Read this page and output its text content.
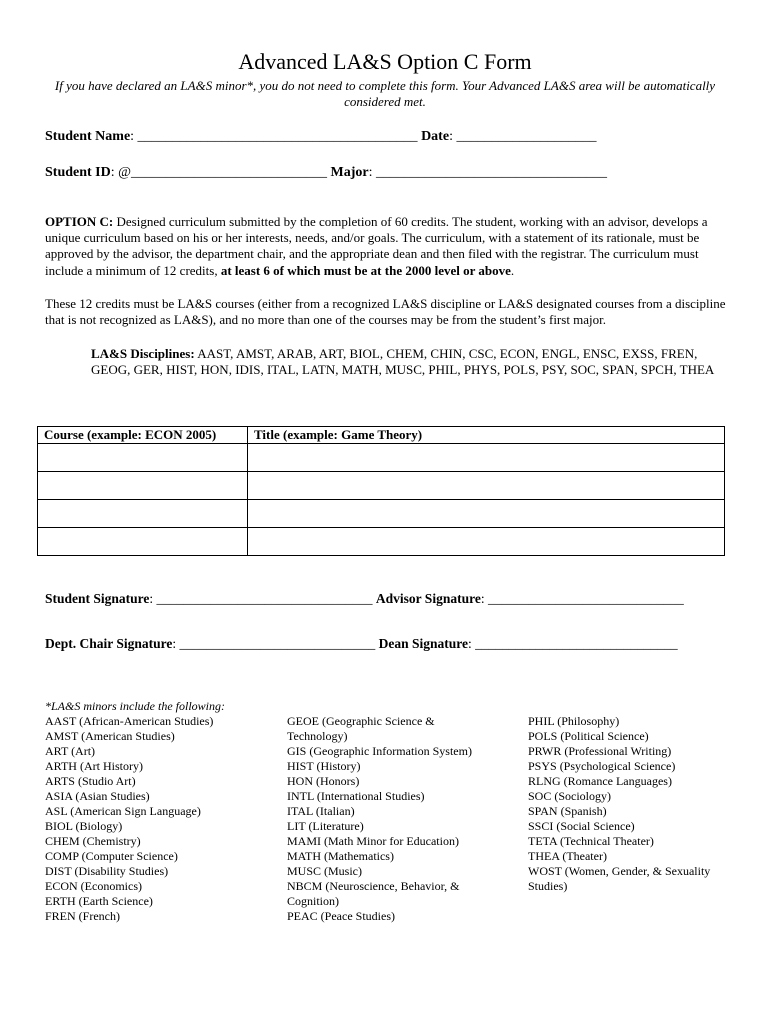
Advanced LA&S Option C Form
If you have declared an LA&S minor*, you do not need to complete this form. Your Advanced LA&S area will be automatically considered met.
Student Name: ________________________________________ Date: ____________________
Student ID: @____________________________ Major: _________________________________
OPTION C: Designed curriculum submitted by the completion of 60 credits. The student, working with an advisor, develops a unique curriculum based on his or her interests, needs, and/or goals. The curriculum, with a statement of its rationale, must be approved by the advisor, the department chair, and the appropriate dean and then filed with the registrar. The curriculum must include a minimum of 12 credits, at least 6 of which must be at the 2000 level or above.
These 12 credits must be LA&S courses (either from a recognized LA&S discipline or LA&S designated courses from a discipline that is not recognized as LA&S), and no more than one of the courses may be from the student’s first major.
LA&S Disciplines: AAST, AMST, ARAB, ART, BIOL, CHEM, CHIN, CSC, ECON, ENGL, ENSC, EXSS, FREN, GEOG, GER, HIST, HON, IDIS, ITAL, LATN, MATH, MUSC, PHIL, PHYS, POLS, PSY, SOC, SPAN, SPCH, THEA
Course (example: ECON 2005)	Title (example: Game Theory)

Student Signature: ________________________________ Advisor Signature: _____________________________
Dept. Chair Signature: _____________________________ Dean Signature: ______________________________
*LA&S minors include the following:
AAST (African-American Studies)
AMST (American Studies)
ART (Art)
ARTH (Art History)
ARTS (Studio Art)
ASIA (Asian Studies)
ASL (American Sign Language)
BIOL (Biology)
CHEM (Chemistry)
COMP (Computer Science)
DIST (Disability Studies)
ECON (Economics)
ERTH (Earth Science)
FREN (French)
GEOE (Geographic Science &
Technology)
GIS (Geographic Information System)
HIST (History)
HON (Honors)
INTL (International Studies)
ITAL (Italian)
LIT (Literature)
MAMI (Math Minor for Education)
MATH (Mathematics)
MUSC (Music)
NBCM (Neuroscience, Behavior, &
Cognition)
PEAC (Peace Studies)
PHIL (Philosophy)
POLS (Political Science)
PRWR (Professional Writing)
PSYS (Psychological Science)
RLNG (Romance Languages)
SOC (Sociology)
SPAN (Spanish)
SSCI (Social Science)
TETA (Technical Theater)
THEA (Theater)
WOST (Women, Gender, & Sexuality
Studies)
